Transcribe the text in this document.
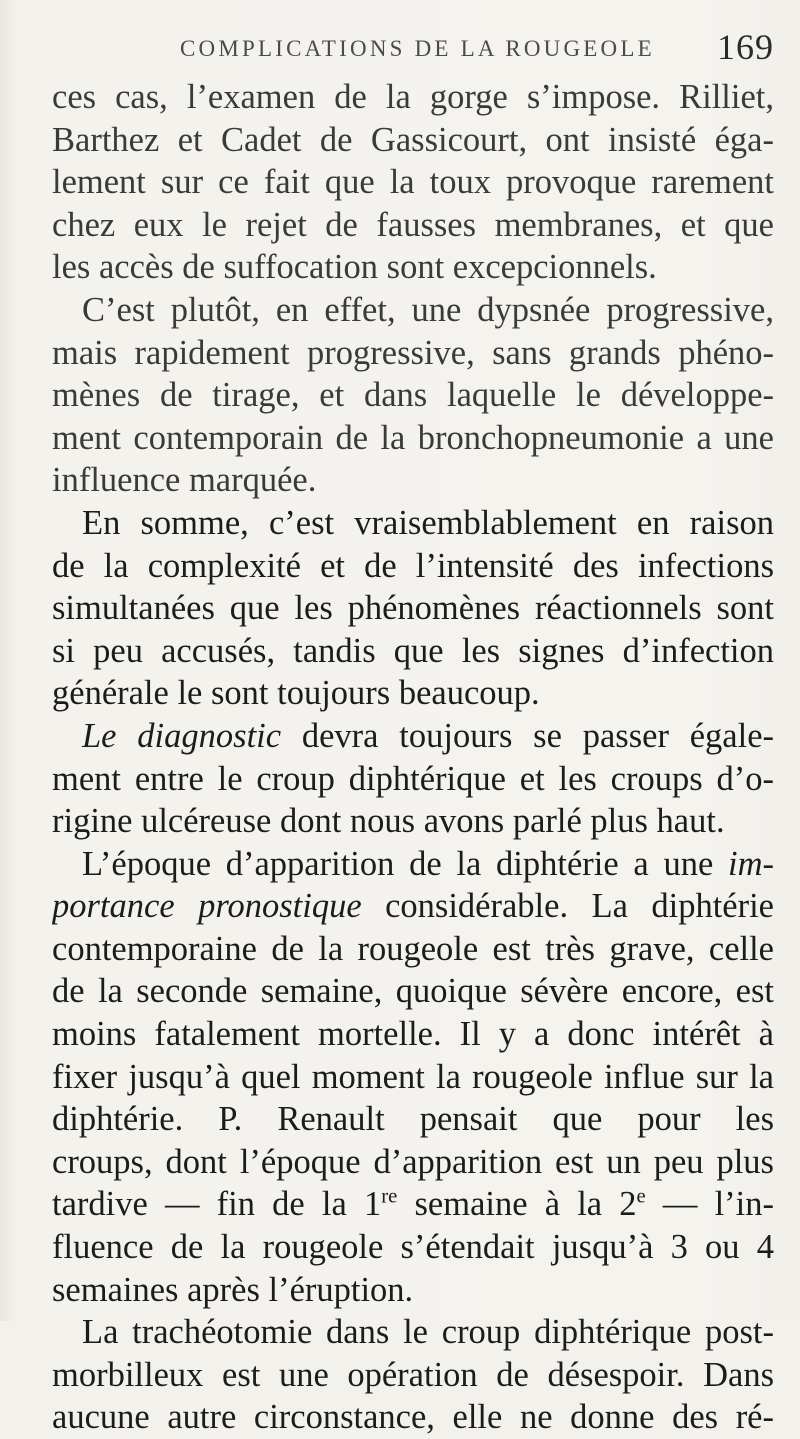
COMPLICATIONS DE LA ROUGEOLE 169
ces cas, l’examen de la gorge s’impose. Rilliet,
Barthez et Cadet de Gassicourt, ont insisté éga-
lement sur ce fait que la toux provoque rarement
chez eux le rejet de fausses membranes, et que
les accès de suffocation sont excepcionnels.
C’est plutôt, en effet, une dypsnée progressive,
mais rapidement progressive, sans grands phéno-
mènes de tirage, et dans laquelle le développe-
ment contemporain de la bronchopneumonie a une
influence marquée.
En somme, c’est vraisemblablement en raison
de la complexité et de l’intensité des infections
simultanées que les phénomènes réactionnels sont
si peu accusés, tandis que les signes d’infection
générale le sont toujours beaucoup.
Le diagnostic devra toujours se passer égale-
ment entre le croup diphtérique et les croups d’o-
rigine ulcéreuse dont nous avons parlé plus haut.
L’époque d’apparition de la diphtérie a une im-
portance pronostique considérable. La diphtérie
contemporaine de la rougeole est très grave, celle
de la seconde semaine, quoique sévère encore, est
moins fatalement mortelle. Il y a donc intérêt à
fixer jusqu’à quel moment la rougeole influe sur la
diphtérie. P. Renault pensait que pour les
croups, dont l’époque d’apparition est un peu plus
tardive — fin de la 1re semaine à la 2e — l’in-
fluence de la rougeole s’étendait jusqu’à 3 ou 4
semaines après l’éruption.
La trachéotomie dans le croup diphtérique post-
morbilleux est une opération de désespoir. Dans
aucune autre circonstance, elle ne donne des ré-
